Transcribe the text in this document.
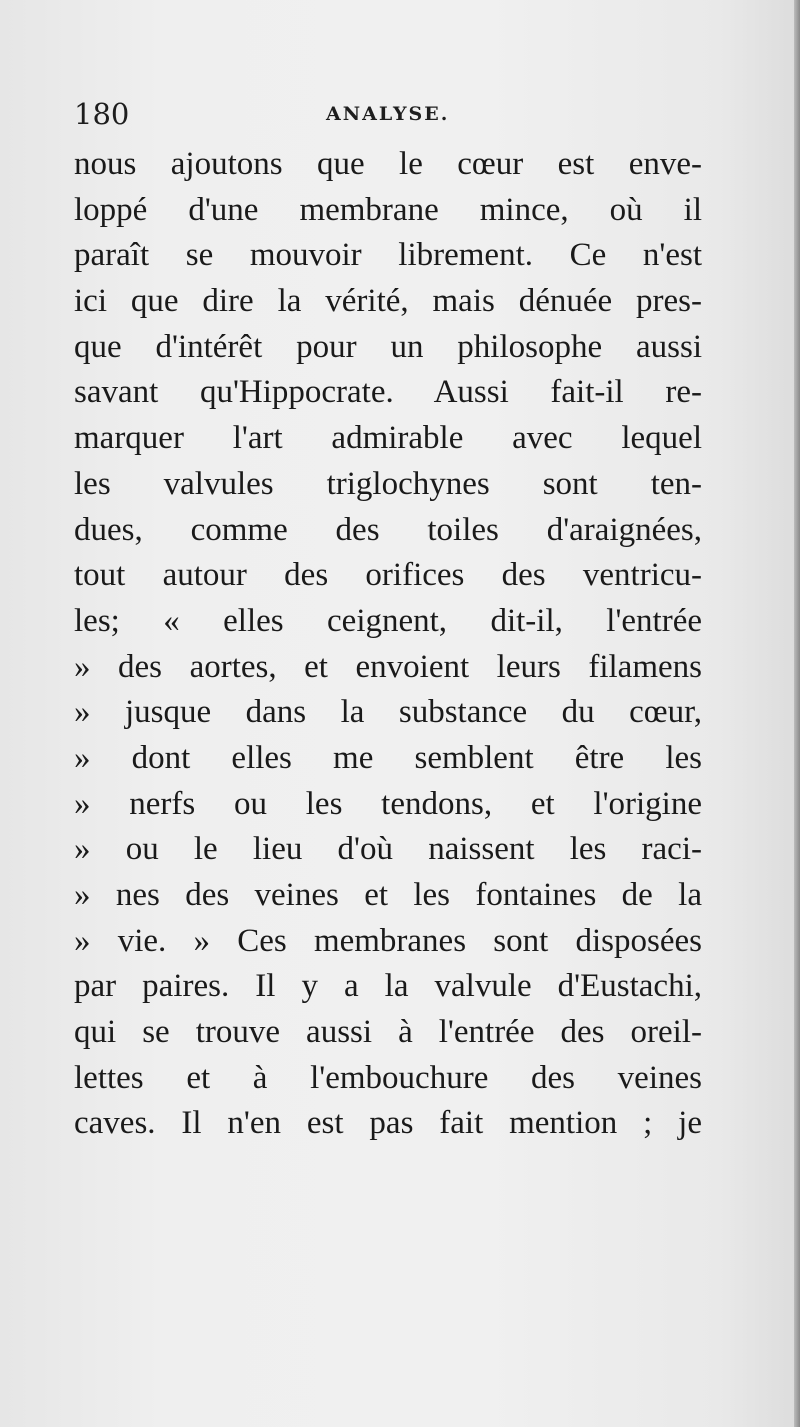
180	ANALYSE.
nous ajoutons que le cœur est enve-
loppé d'une membrane mince, où il
paraît se mouvoir librement. Ce n'est
ici que dire la vérité, mais dénuée pres-
que d'intérêt pour un philosophe aussi
savant qu'Hippocrate. Aussi fait-il re-
marquer l'art admirable avec lequel
les valvules triglochynes sont ten-
dues, comme des toiles d'araignées,
tout autour des orifices des ventricu-
les; « elles ceignent, dit-il, l'entrée
» des aortes, et envoient leurs filamens
» jusque dans la substance du cœur,
» dont elles me semblent être les
» nerfs ou les tendons, et l'origine
» ou le lieu d'où naissent les raci-
» nes des veines et les fontaines de la
» vie. » Ces membranes sont disposées
par paires. Il y a la valvule d'Eustachi,
qui se trouve aussi à l'entrée des oreil-
lettes et à l'embouchure des veines
caves. Il n'en est pas fait mention ; je
